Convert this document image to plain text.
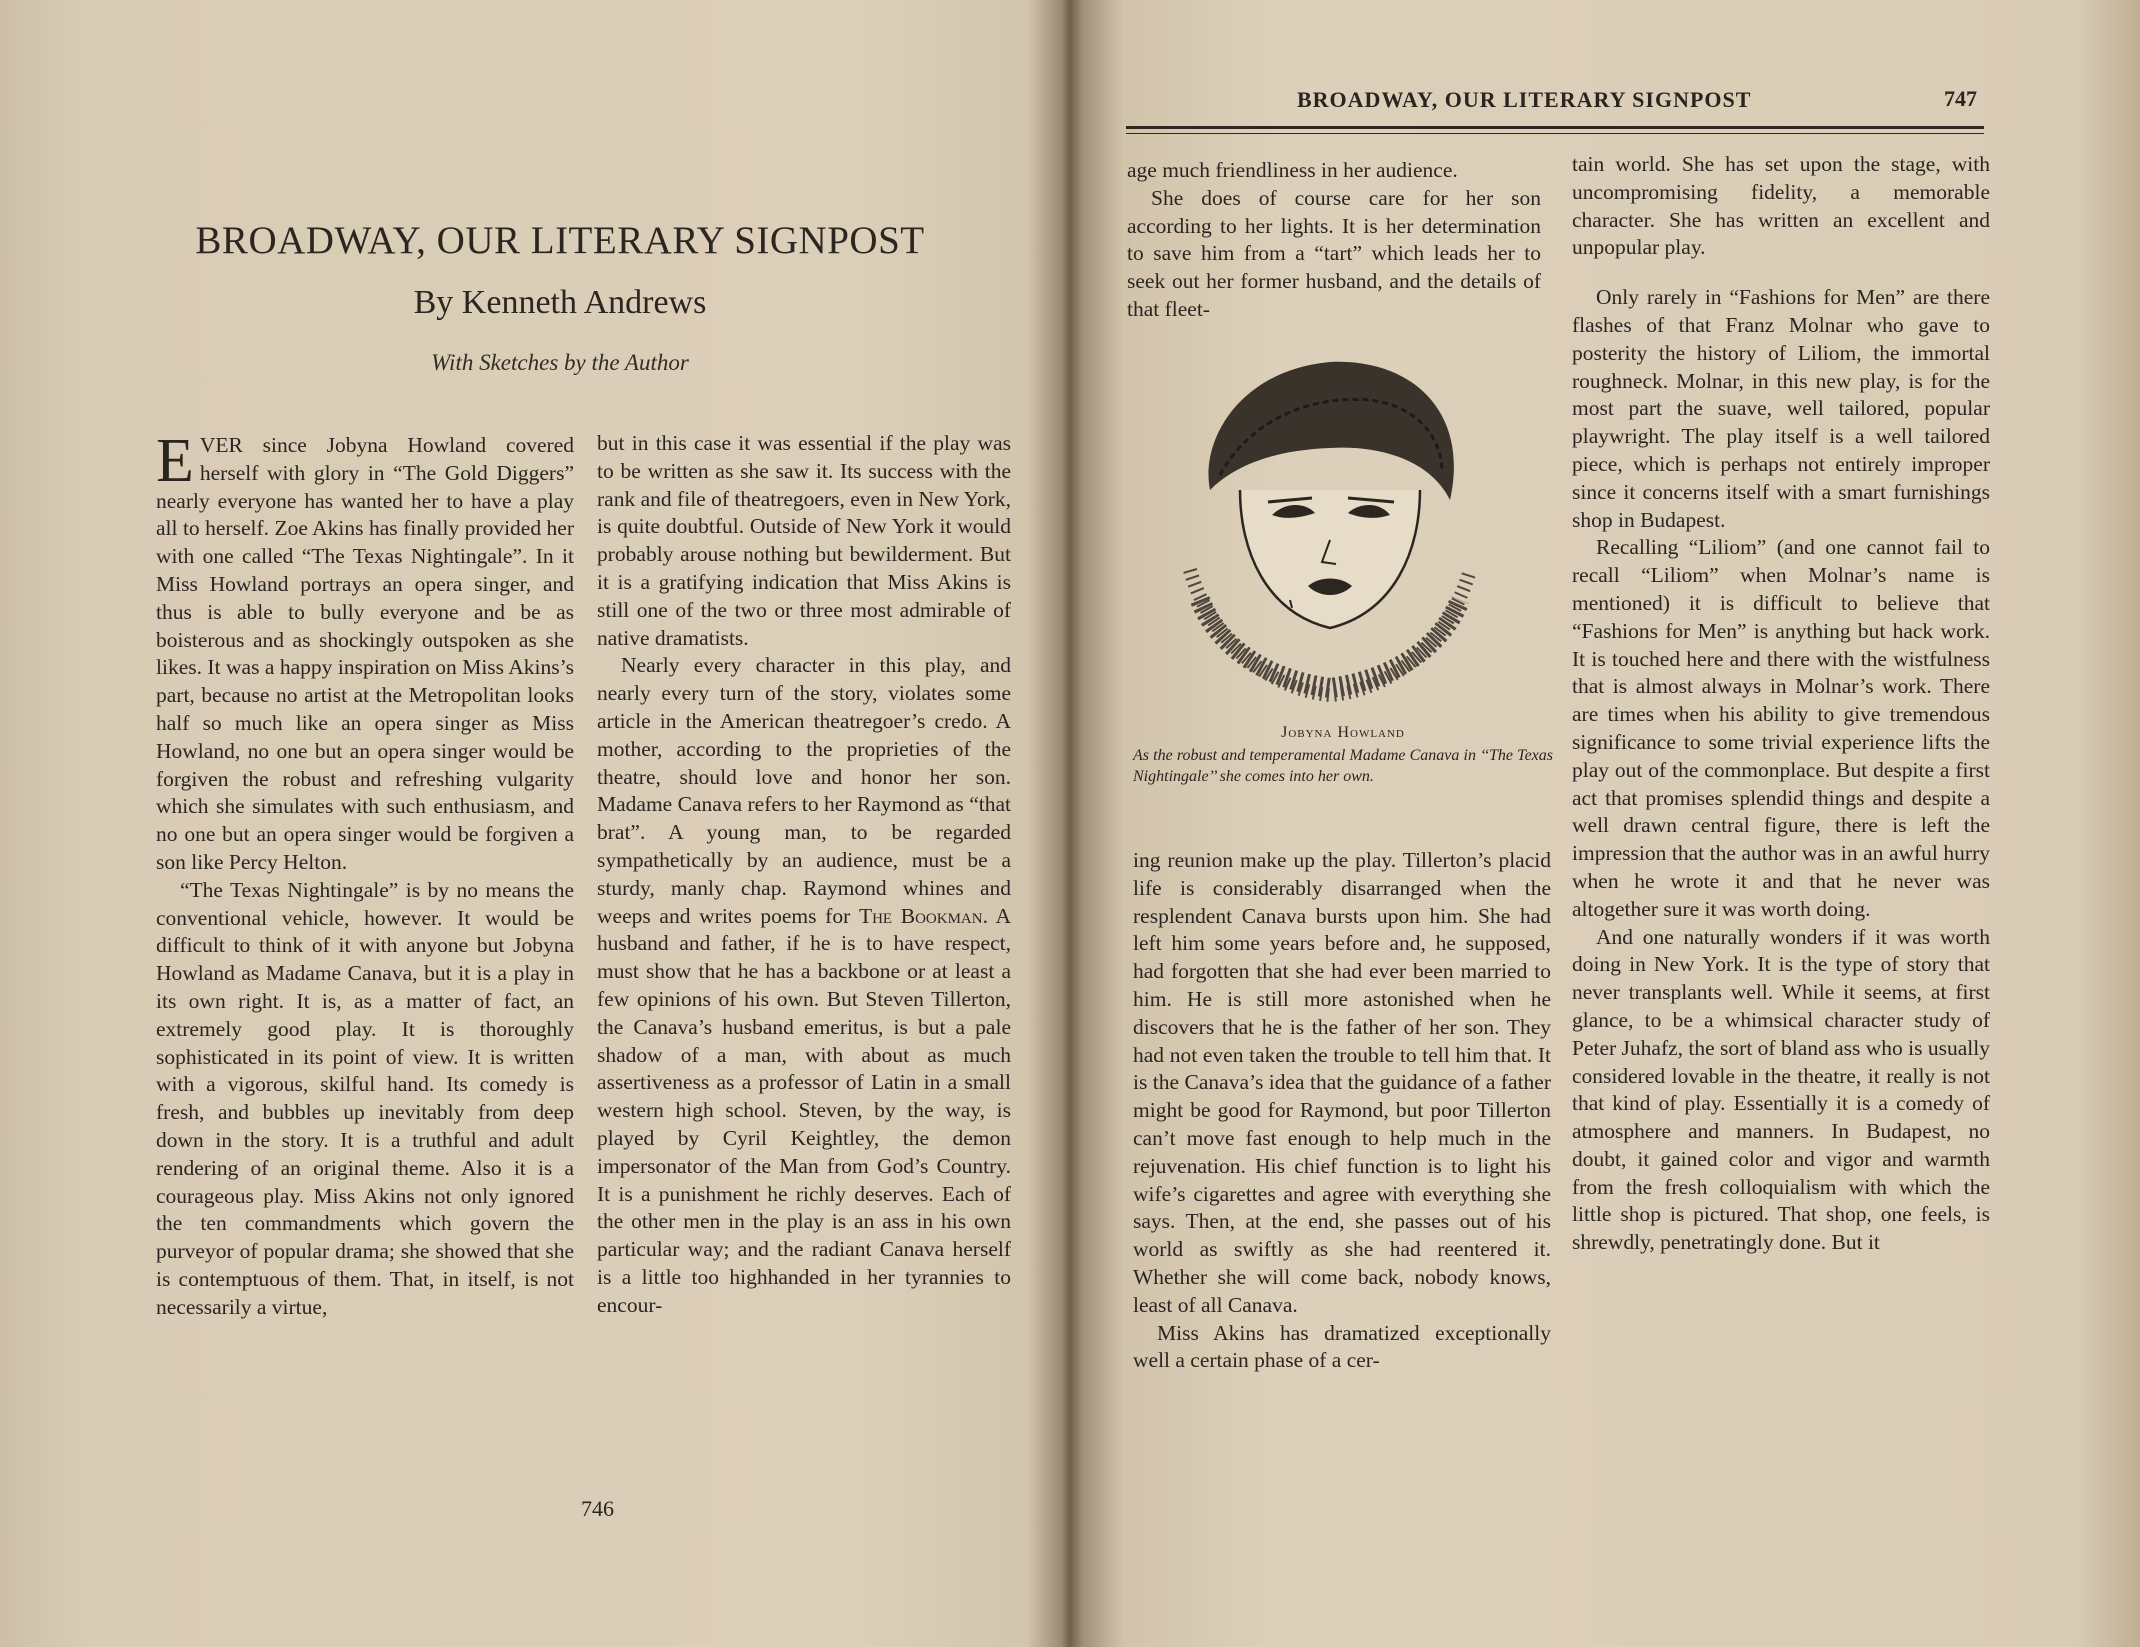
BROADWAY, OUR LITERARY SIGNPOST
By Kenneth Andrews
With Sketches by the Author

EVER since Jobyna Howland covered herself with glory in “The Gold Diggers” nearly everyone has wanted her to have a play all to herself. Zoe Akins has finally provided her with one called “The Texas Nightingale”. In it Miss Howland portrays an opera singer, and thus is able to bully everyone and be as boisterous and as shockingly outspoken as she likes. It was a happy inspiration on Miss Akins’s part, because no artist at the Metropolitan looks half so much like an opera singer as Miss Howland, no one but an opera singer would be forgiven the robust and refreshing vulgarity which she simulates with such enthusiasm, and no one but an opera singer would be forgiven a son like Percy Helton.

“The Texas Nightingale” is by no means the conventional vehicle, however. It would be difficult to think of it with anyone but Jobyna Howland as Madame Canava, but it is a play in its own right. It is, as a matter of fact, an extremely good play. It is thoroughly sophisticated in its point of view. It is written with a vigorous, skilful hand. Its comedy is fresh, and bubbles up inevitably from deep down in the story. It is a truthful and adult rendering of an original theme. Also it is a courageous play. Miss Akins not only ignored the ten commandments which govern the purveyor of popular drama; she showed that she is contemptuous of them. That, in itself, is not necessarily a virtue,

but in this case it was essential if the play was to be written as she saw it. Its success with the rank and file of theatregoers, even in New York, is quite doubtful. Outside of New York it would probably arouse nothing but bewilderment. But it is a gratifying indication that Miss Akins is still one of the two or three most admirable of native dramatists.

Nearly every character in this play, and nearly every turn of the story, violates some article in the American theatregoer’s credo. A mother, according to the proprieties of the theatre, should love and honor her son. Madame Canava refers to her Raymond as “that brat”. A young man, to be regarded sympathetically by an audience, must be a sturdy, manly chap. Raymond whines and weeps and writes poems for The Bookman. A husband and father, if he is to have respect, must show that he has a backbone or at least a few opinions of his own. But Steven Tillerton, the Canava’s husband emeritus, is but a pale shadow of a man, with about as much assertiveness as a professor of Latin in a small western high school. Steven, by the way, is played by Cyril Keightley, the demon impersonator of the Man from God’s Country. It is a punishment he richly deserves. Each of the other men in the play is an ass in his own particular way; and the radiant Canava herself is a little too highhanded in her tyrannies to encour-

746
BROADWAY, OUR LITERARY SIGNPOST	747

age much friendliness in her audience.

She does of course care for her son according to her lights. It is her determination to save him from a “tart” which leads her to seek out her former husband, and the details of that fleet-

Jobyna Howland
As the robust and temperamental Madame Canava in ‘‘The Texas Nightingale’’ she comes into her own.

ing reunion make up the play. Tillerton’s placid life is considerably disarranged when the resplendent Canava bursts upon him. She had left him some years before and, he supposed, had forgotten that she had ever been married to him. He is still more astonished when he discovers that he is the father of her son. They had not even taken the trouble to tell him that. It is the Canava’s idea that the guidance of a father might be good for Raymond, but poor Tillerton can’t move fast enough to help much in the rejuvenation. His chief function is to light his wife’s cigarettes and agree with everything she says. Then, at the end, she passes out of his world as swiftly as she had reentered it. Whether she will come back, nobody knows, least of all Canava.

Miss Akins has dramatized exceptionally well a certain phase of a cer-

tain world. She has set upon the stage, with uncompromising fidelity, a memorable character. She has written an excellent and unpopular play.

Only rarely in “Fashions for Men” are there flashes of that Franz Molnar who gave to posterity the history of Liliom, the immortal roughneck. Molnar, in this new play, is for the most part the suave, well tailored, popular playwright. The play itself is a well tailored piece, which is perhaps not entirely improper since it concerns itself with a smart furnishings shop in Budapest.

Recalling “Liliom” (and one cannot fail to recall “Liliom” when Molnar’s name is mentioned) it is difficult to believe that “Fashions for Men” is anything but hack work. It is touched here and there with the wistfulness that is almost always in Molnar’s work. There are times when his ability to give tremendous significance to some trivial experience lifts the play out of the commonplace. But despite a first act that promises splendid things and despite a well drawn central figure, there is left the impression that the author was in an awful hurry when he wrote it and that he never was altogether sure it was worth doing.

And one naturally wonders if it was worth doing in New York. It is the type of story that never transplants well. While it seems, at first glance, to be a whimsical character study of Peter Juhafz, the sort of bland ass who is usually considered lovable in the theatre, it really is not that kind of play. Essentially it is a comedy of atmosphere and manners. In Budapest, no doubt, it gained color and vigor and warmth from the fresh colloquialism with which the little shop is pictured. That shop, one feels, is shrewdly, penetratingly done. But it
